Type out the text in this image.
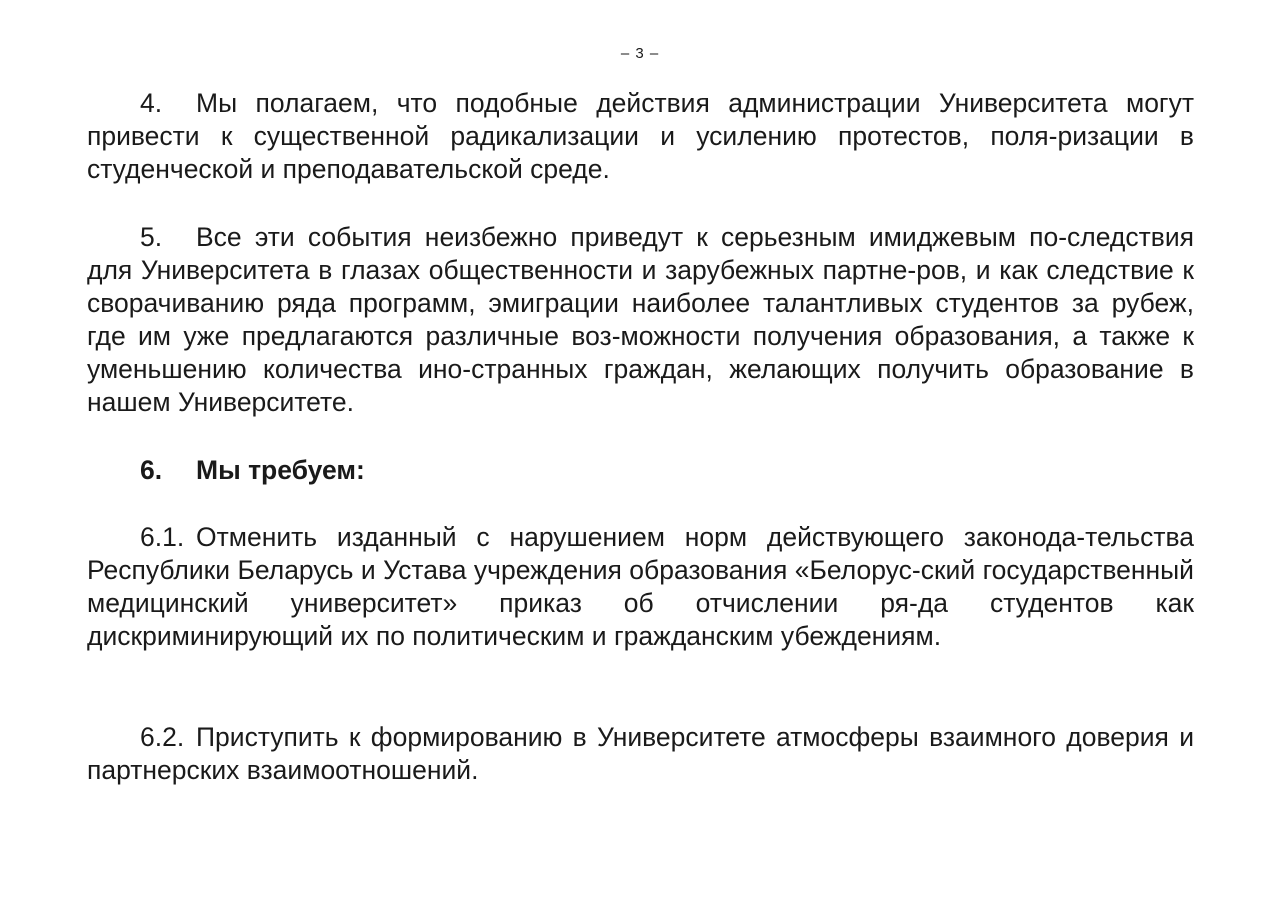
– 3 –
4. Мы полагаем, что подобные действия администрации Университета могут привести к существенной радикализации и усилению протестов, поля-ризации в студенческой и преподавательской среде.
5. Все эти события неизбежно приведут к серьезным имиджевым по-следствия для Университета в глазах общественности и зарубежных партне-ров, и как следствие к сворачиванию ряда программ, эмиграции наиболее талантливых студентов за рубеж, где им уже предлагаются различные воз-можности получения образования, а также к уменьшению количества ино-странных граждан, желающих получить образование в нашем Университете.
6. Мы требуем:
6.1. Отменить изданный с нарушением норм действующего законода-тельства Республики Беларусь и Устава учреждения образования «Белорус-ский государственный медицинский университет» приказ об отчислении ря-да студентов как дискриминирующий их по политическим и гражданским убеждениям.
6.2. Приступить к формированию в Университете атмосферы взаимного доверия и партнерских взаимоотношений.
